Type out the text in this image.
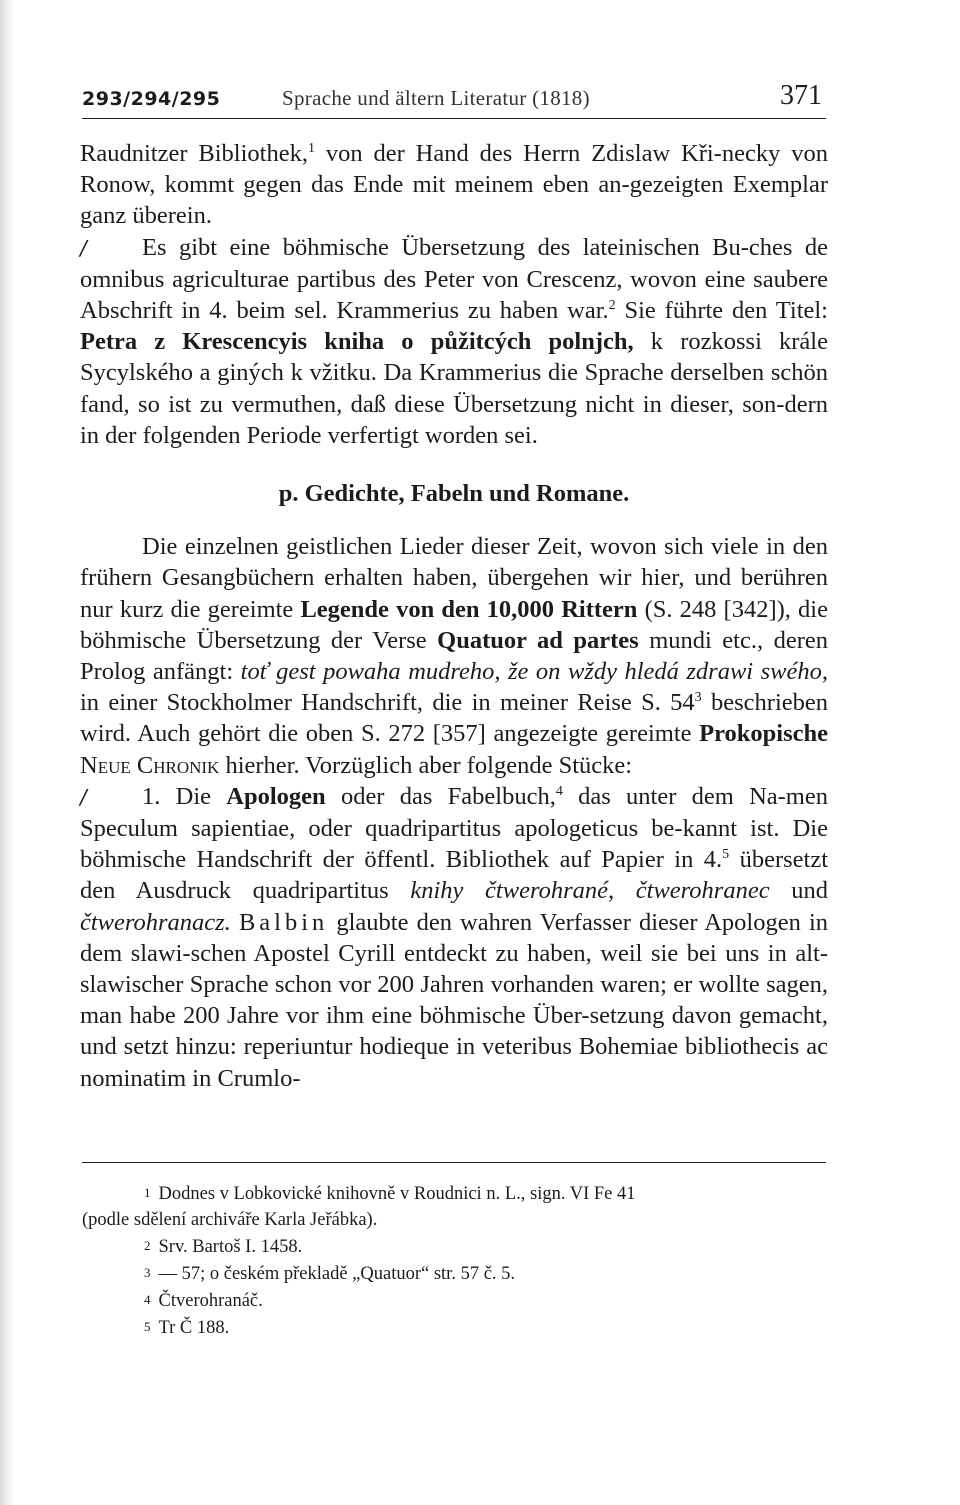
293/294/295	Sprache und ältern Literatur (1818)	371

Raudnitzer Bibliothek,$^1$ von der Hand des Herrn Zdislaw Kři-necky von Ronow, kommt gegen das Ende mit meinem eben an-gezeigten Exemplar ganz überein.

/ Es gibt eine böhmische Übersetzung des lateinischen Bu-ches de omnibus agriculturae partibus des Peter von Crescenz, wovon eine saubere Abschrift in 4. beim sel. Krammerius zu haben war.$^2$ Sie führte den Titel: Petra z Krescencyis kniha o půžitcých polnjch, k rozkossi krále Sycylského a giných k vžitku. Da Krammerius die Sprache derselben schön fand, so ist zu vermuthen, daß diese Übersetzung nicht in dieser, son-dern in der folgenden Periode verfertigt worden sei.

p. Gedichte, Fabeln und Romane.

Die einzelnen geistlichen Lieder dieser Zeit, wovon sich viele in den frühern Gesangbüchern erhalten haben, übergehen wir hier, und berühren nur kurz die gereimte Legende von den 10,000 Rittern (S. 248 [342]), die böhmische Übersetzung der Verse Quatuor ad partes mundi etc., deren Prolog anfängt: toť gest powaha mudreho, že on wždy hledá zdrawi swého, in einer Stockholmer Handschrift, die in meiner Reise S. $54^3$ beschrieben wird. Auch gehört die oben S. 272 [357] angezeigte gereimte Prokopische Neue Chronik hierher. Vorzüglich aber folgende Stücke:

/ 1. Die Apologen oder das Fabelbuch,$^4$ das unter dem Na-men Speculum sapientiae, oder quadripartitus apologeticus be-kannt ist. Die böhmische Handschrift der öffentl. Bibliothek auf Papier in 4.$^5$ übersetzt den Ausdruck quadripartitus knihy čtwerohrané, čtwerohranec und čtwerohranacz. Balbin glaubte den wahren Verfasser dieser Apologen in dem slawi-schen Apostel Cyrill entdeckt zu haben, weil sie bei uns in alt-slawischer Sprache schon vor 200 Jahren vorhanden waren; er wollte sagen, man habe 200 Jahre vor ihm eine böhmische Über-setzung davon gemacht, und setzt hinzu: reperiuntur hodieque in veteribus Bohemiae bibliothecis ac nominatim in Crumlo-

1 Dodnes v Lobkovické knihovně v Roudnici n. L., sign. VI Fe 41

(podle sdělení archiváře Karla Jeřábka).

2 Srv. Bartoš I. 1458.

3 — 57; o českém překladě „Quatuor“ str. 57 č. 5.

4 Čtverohranáč.

5 Tr Č 188.
